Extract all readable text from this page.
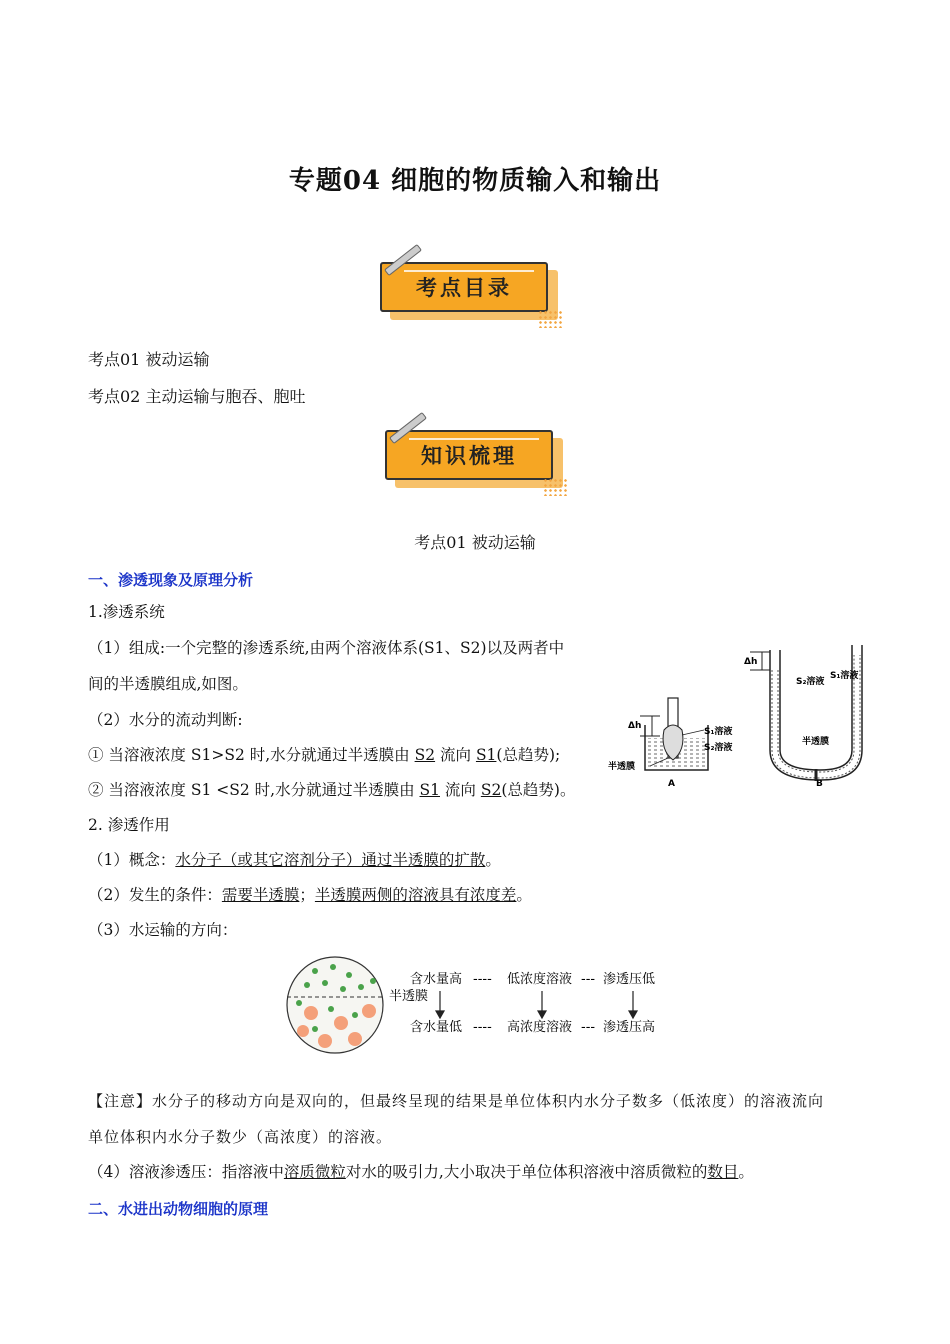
专题04 细胞的物质输入和输出
考点目录
考点01 被动运输
考点02 主动运输与胞吞、胞吐
知识梳理
考点01 被动运输
一、渗透现象及原理分析
1.渗透系统
（1）组成:一个完整的渗透系统,由两个溶液体系(S1、S2)以及两者中
间的半透膜组成,如图。
（2）水分的流动判断:
① 当溶液浓度 S1>S2 时,水分就通过半透膜由 S2 流向 S1(总趋势);
② 当溶液浓度 S1 <S2 时,水分就通过半透膜由 S1 流向 S2(总趋势)。
2. 渗透作用
（1）概念：水分子（或其它溶剂分子）通过半透膜的扩散。
（2）发生的条件：需要半透膜；半透膜两侧的溶液具有浓度差。
（3）水运输的方向：
Δh
S₁溶液
S₂溶液
半透膜
A
Δh
S₂溶液
S₁溶液
半透膜
B
半透膜
含水量高 ---- 低浓度溶液 --- 渗透压低
含水量低 ---- 高浓度溶液 --- 渗透压高
【注意】水分子的移动方向是双向的，但最终呈现的结果是单位体积内水分子数多（低浓度）的溶液流向
单位体积内水分子数少（高浓度）的溶液。
（4）溶液渗透压：指溶液中溶质微粒对水的吸引力,大小取决于单位体积溶液中溶质微粒的数目。
二、水进出动物细胞的原理
